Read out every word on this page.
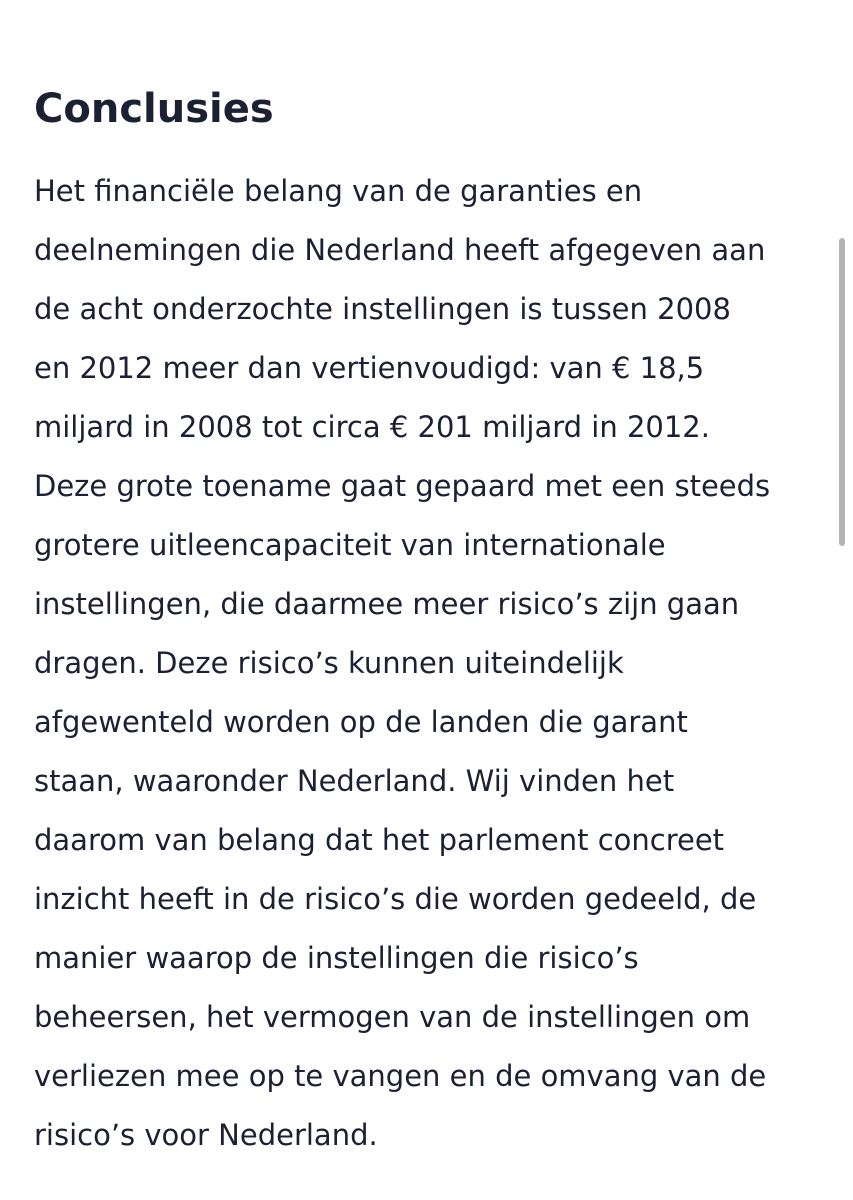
Conclusies

Het financiële belang van de garanties en
deelnemingen die Nederland heeft afgegeven aan
de acht onderzochte instellingen is tussen 2008
en 2012 meer dan vertienvoudigd: van € 18,5
miljard in 2008 tot circa € 201 miljard in 2012.
Deze grote toename gaat gepaard met een steeds
grotere uitleencapaciteit van internationale
instellingen, die daarmee meer risico’s zijn gaan
dragen. Deze risico’s kunnen uiteindelijk
afgewenteld worden op de landen die garant
staan, waaronder Nederland. Wij vinden het
daarom van belang dat het parlement concreet
inzicht heeft in de risico’s die worden gedeeld, de
manier waarop de instellingen die risico’s
beheersen, het vermogen van de instellingen om
verliezen mee op te vangen en de omvang van de
risico’s voor Nederland.
